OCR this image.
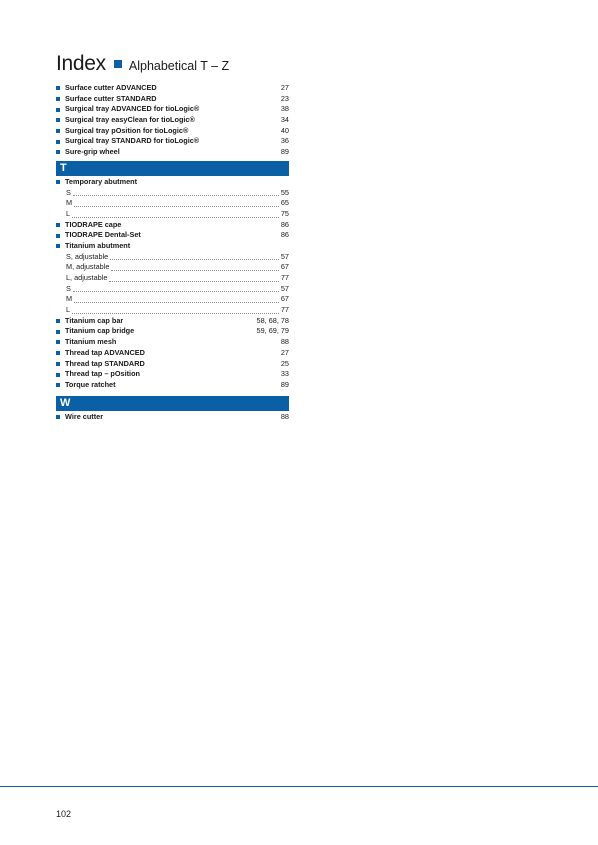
Index Alphabetical T – Z
Surface cutter ADVANCED	27
Surface cutter STANDARD	23
Surgical tray ADVANCED for tioLogic®	38
Surgical tray easyClean for tioLogic®	34
Surgical tray pOsition for tioLogic®	40
Surgical tray STANDARD for tioLogic®	36
Sure-grip wheel	89
T
Temporary abutment
S	55
M	65
L	75
TIODRAPE cape	86
TIODRAPE Dental-Set	86
Titanium abutment
S, adjustable	57
M, adjustable	67
L, adjustable	77
S	57
M	67
L	77
Titanium cap bar	58, 68, 78
Titanium cap bridge	59, 69, 79
Titanium mesh	88
Thread tap ADVANCED	27
Thread tap STANDARD	25
Thread tap – pOsition	33
Torque ratchet	89
W
Wire cutter	88
102
